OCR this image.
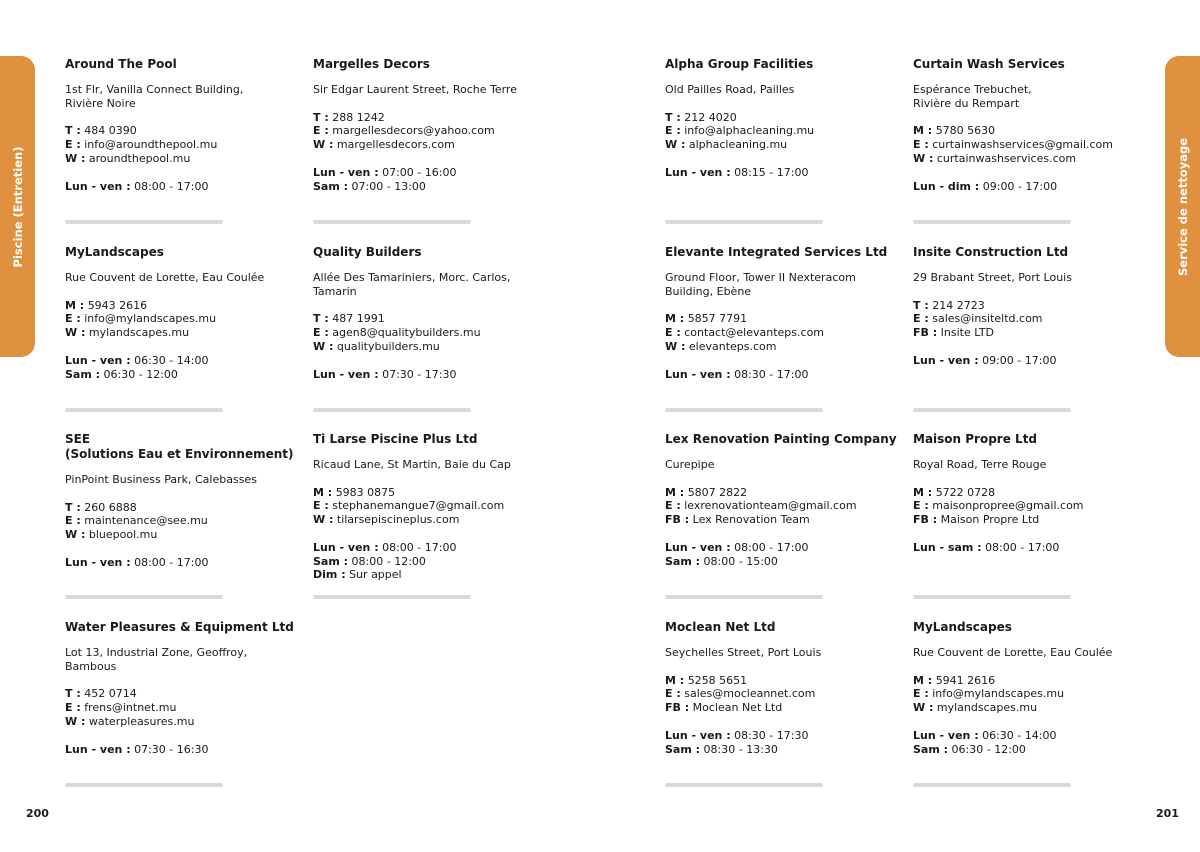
Piscine (Entretien)	Service de nettoyage
Around The Pool
1st Flr, Vanilla Connect Building,
Rivière Noire
T : 484 0390
E : info@aroundthepool.mu
W : aroundthepool.mu
Lun - ven : 08:00 - 17:00
MyLandscapes
Rue Couvent de Lorette, Eau Coulée
M : 5943 2616
E : info@mylandscapes.mu
W : mylandscapes.mu
Lun - ven : 06:30 - 14:00
Sam : 06:30 - 12:00
SEE
(Solutions Eau et Environnement)
PinPoint Business Park, Calebasses
T : 260 6888
E : maintenance@see.mu
W : bluepool.mu
Lun - ven : 08:00 - 17:00
Water Pleasures & Equipment Ltd
Lot 13, Industrial Zone, Geoffroy,
Bambous
T : 452 0714
E : frens@intnet.mu
W : waterpleasures.mu
Lun - ven : 07:30 - 16:30
Margelles Decors
Sir Edgar Laurent Street, Roche Terre
T : 288 1242
E : margellesdecors@yahoo.com
W : margellesdecors.com
Lun - ven : 07:00 - 16:00
Sam : 07:00 - 13:00
Quality Builders
Allée Des Tamariniers, Morc. Carlos,
Tamarin
T : 487 1991
E : agen8@qualitybuilders.mu
W : qualitybuilders.mu
Lun - ven : 07:30 - 17:30
Ti Larse Piscine Plus Ltd
Ricaud Lane, St Martin, Baie du Cap
M : 5983 0875
E : stephanemangue7@gmail.com
W : tilarsepiscineplus.com
Lun - ven : 08:00 - 17:00
Sam : 08:00 - 12:00
Dim : Sur appel
Alpha Group Facilities
Old Pailles Road, Pailles
T : 212 4020
E : info@alphacleaning.mu
W : alphacleaning.mu
Lun - ven : 08:15 - 17:00
Elevante Integrated Services Ltd
Ground Floor, Tower II Nexteracom
Building, Ebène
M : 5857 7791
E : contact@elevanteps.com
W : elevanteps.com
Lun - ven : 08:30 - 17:00
Lex Renovation Painting Company
Curepipe
M : 5807 2822
E : lexrenovationteam@gmail.com
FB : Lex Renovation Team
Lun - ven : 08:00 - 17:00
Sam : 08:00 - 15:00
Moclean Net Ltd
Seychelles Street, Port Louis
M : 5258 5651
E : sales@mocleannet.com
FB : Moclean Net Ltd
Lun - ven : 08:30 - 17:30
Sam : 08:30 - 13:30
Curtain Wash Services
Espérance Trebuchet,
Rivière du Rempart
M : 5780 5630
E : curtainwashservices@gmail.com
W : curtainwashservices.com
Lun - dim : 09:00 - 17:00
Insite Construction Ltd
29 Brabant Street, Port Louis
T : 214 2723
E : sales@insiteltd.com
FB : Insite LTD
Lun - ven : 09:00 - 17:00
Maison Propre Ltd
Royal Road, Terre Rouge
M : 5722 0728
E : maisonpropree@gmail.com
FB : Maison Propre Ltd
Lun - sam : 08:00 - 17:00
MyLandscapes
Rue Couvent de Lorette, Eau Coulée
M : 5941 2616
E : info@mylandscapes.mu
W : mylandscapes.mu
Lun - ven : 06:30 - 14:00
Sam : 06:30 - 12:00
200	201
